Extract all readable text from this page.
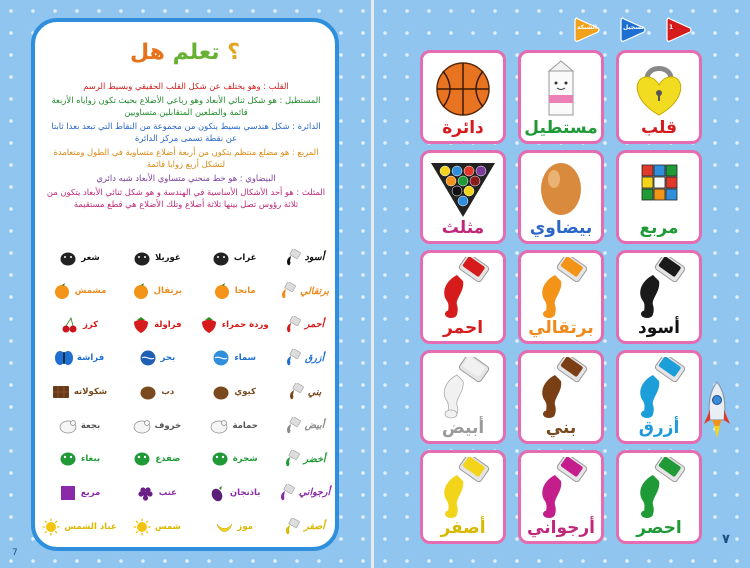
؟ تعلم هل
القلب : وهو يختلف عن شكل القلب الحقيقي وبسيط الرسم
المستطيل : هو شكل ثنائي الأبعاد وهو رباعي الأضلاع بحيث تكون زواياه الأربعة قائمة والضلعين المتقابلين متساويين
الدائرة : شكل هندسي بسيط يتكون من مجموعة من النقاط التي تبعد بعدا ثابتا عن نقطة تسمى مركز الدائرة
المربع : هو مضلع منتظم يتكون من أربعة أضلاع متساوية في الطول ومتعامدة لتشكل أربع زوايا قائمة
البيضاوي : هو خط منحني متساوي الأبعاد شبه دائري
المثلث : هو أحد الأشكال الأساسية في الهندسة و هو شكل ثنائي الأبعاد يتكون من ثلاثة رؤوس تصل بينها ثلاثة أضلاع وتلك الأضلاع هي قطع مستقيمة
أسود
غراب
غوريلا
شعر
برتقالي
مانجا
برتقال
مشمش
أحمر
وردة حمراء
فراولة
كرز
أزرق
سماء
بحر
فراشة
بني
كيوي
دب
شكولاته
أبيض
حمامة
خروف
بجعة
أخضر
شجرة
ضفدع
ببغاء
أرجواني
باذنجان
عنب
مربع
أصفر
موز
شمس
عباد الشمس
7
الشبكة	تسجيل	1
قلب
مستطيل
دائرة
مربع
بيضاوي
مثلث
أسود
برتقالي
احمر
أزرق
بني
أبيض
احصر
أرجواني
أصفر
٧
